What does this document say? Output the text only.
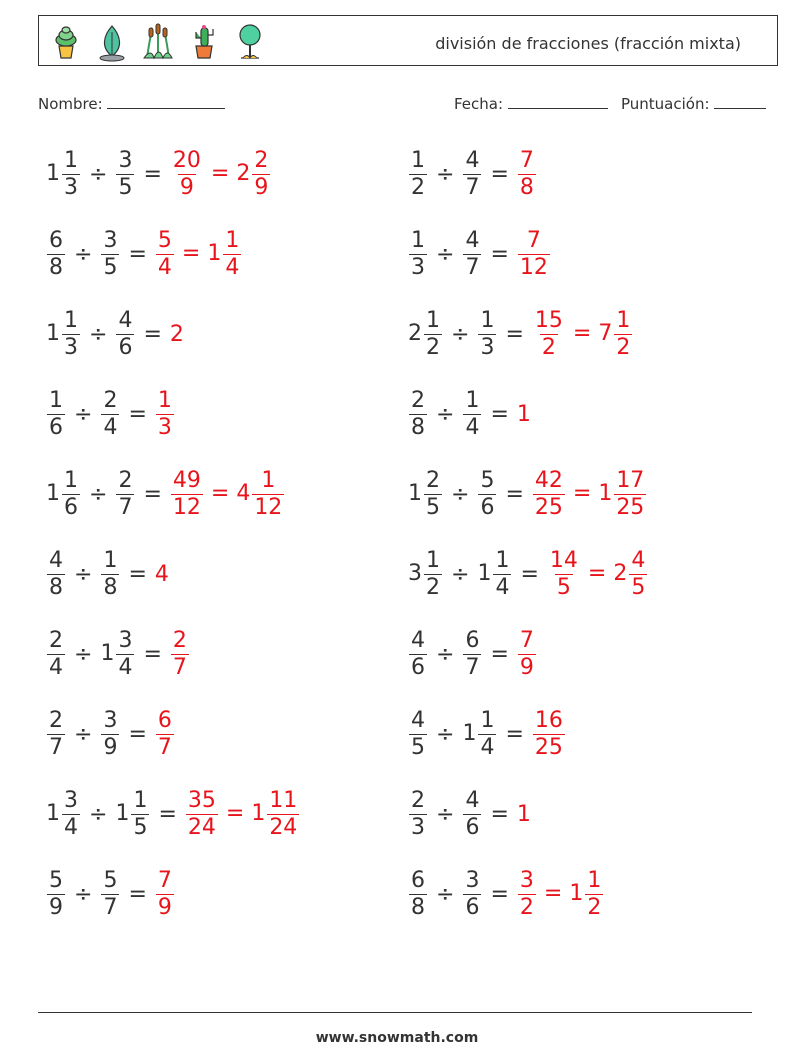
división de fracciones (fracción mixta)
Nombre:	Fecha:	Puntuación:
$1 \frac{1}{3} \div \frac{3}{5} = \frac{20}{9} = 2 \frac{2}{9}$	$\frac{1}{2} \div \frac{4}{7} = \frac{7}{8}$
$\frac{6}{8} \div \frac{3}{5} = \frac{5}{4} = 1 \frac{1}{4}$	$\frac{1}{3} \div \frac{4}{7} = \frac{7}{12}$
$1 \frac{1}{3} \div \frac{4}{6} = 2$	$2 \frac{1}{2} \div \frac{1}{3} = \frac{15}{2} = 7 \frac{1}{2}$
$\frac{1}{6} \div \frac{2}{4} = \frac{1}{3}$	$\frac{2}{8} \div \frac{1}{4} = 1$
$1 \frac{1}{6} \div \frac{2}{7} = \frac{49}{12} = 4 \frac{1}{12}$	$1 \frac{2}{5} \div \frac{5}{6} = \frac{42}{25} = 1 \frac{17}{25}$
$\frac{4}{8} \div \frac{1}{8} = 4$	$3 \frac{1}{2} \div 1 \frac{1}{4} = \frac{14}{5} = 2 \frac{4}{5}$
$\frac{2}{4} \div 1 \frac{3}{4} = \frac{2}{7}$	$\frac{4}{6} \div \frac{6}{7} = \frac{7}{9}$
$\frac{2}{7} \div \frac{3}{9} = \frac{6}{7}$	$\frac{4}{5} \div 1 \frac{1}{4} = \frac{16}{25}$
$1 \frac{3}{4} \div 1 \frac{1}{5} = \frac{35}{24} = 1 \frac{11}{24}$	$\frac{2}{3} \div \frac{4}{6} = 1$
$\frac{5}{9} \div \frac{5}{7} = \frac{7}{9}$	$\frac{6}{8} \div \frac{3}{6} = \frac{3}{2} = 1 \frac{1}{2}$
www.snowmath.com
